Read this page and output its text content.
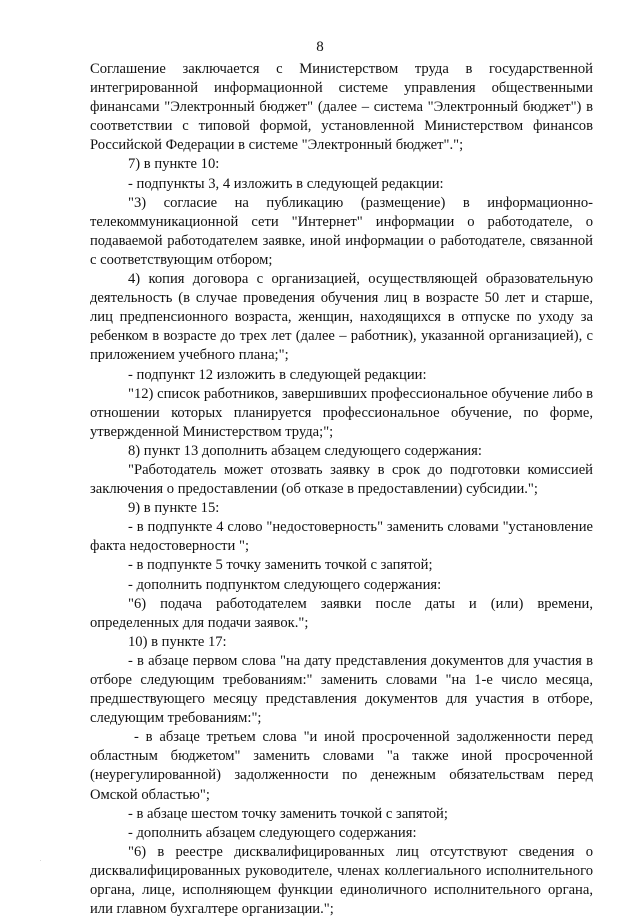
8

Соглашение заключается с Министерством труда в государственной интегрированной информационной системе управления общественными финансами "Электронный бюджет" (далее – система "Электронный бюджет") в соответствии с типовой формой, установленной Министерством финансов Российской Федерации в системе "Электронный бюджет".";

7) в пункте 10:

- подпункты 3, 4 изложить в следующей редакции:

"3) согласие на публикацию (размещение) в информационно-телекоммуникационной сети "Интернет" информации о работодателе, о подаваемой работодателем заявке, иной информации о работодателе, связанной с соответствующим отбором;

4) копия договора с организацией, осуществляющей образовательную деятельность (в случае проведения обучения лиц в возрасте 50 лет и старше, лиц предпенсионного возраста, женщин, находящихся в отпуске по уходу за ребенком в возрасте до трех лет (далее – работник), указанной организацией), с приложением учебного плана;";

- подпункт 12 изложить в следующей редакции:

"12) список работников, завершивших профессиональное обучение либо в отношении которых планируется профессиональное обучение, по форме, утвержденной Министерством труда;";

8) пункт 13 дополнить абзацем следующего содержания:

"Работодатель может отозвать заявку в срок до подготовки комиссией заключения о предоставлении (об отказе в предоставлении) субсидии.";

9) в пункте 15:

- в подпункте 4 слово "недостоверность" заменить словами "установление факта недостоверности ";

- в подпункте 5 точку заменить точкой с запятой;

- дополнить подпунктом следующего содержания:

"6) подача работодателем заявки после даты и (или) времени, определенных для подачи заявок.";

10) в пункте 17:

- в абзаце первом слова "на дату представления документов для участия в отборе следующим требованиям:" заменить словами "на 1-е число месяца, предшествующего месяцу представления документов для участия в отборе, следующим требованиям:";

- в абзаце третьем слова "и иной просроченной задолженности перед областным бюджетом" заменить словами "а также иной просроченной (неурегулированной) задолженности по денежным обязательствам перед Омской областью";

- в абзаце шестом точку заменить точкой с запятой;

- дополнить абзацем следующего содержания:

"6) в реестре дисквалифицированных лиц отсутствуют сведения о дисквалифицированных руководителе, членах коллегиального исполнительного органа, лице, исполняющем функции единоличного исполнительного органа, или главном бухгалтере организации.";
